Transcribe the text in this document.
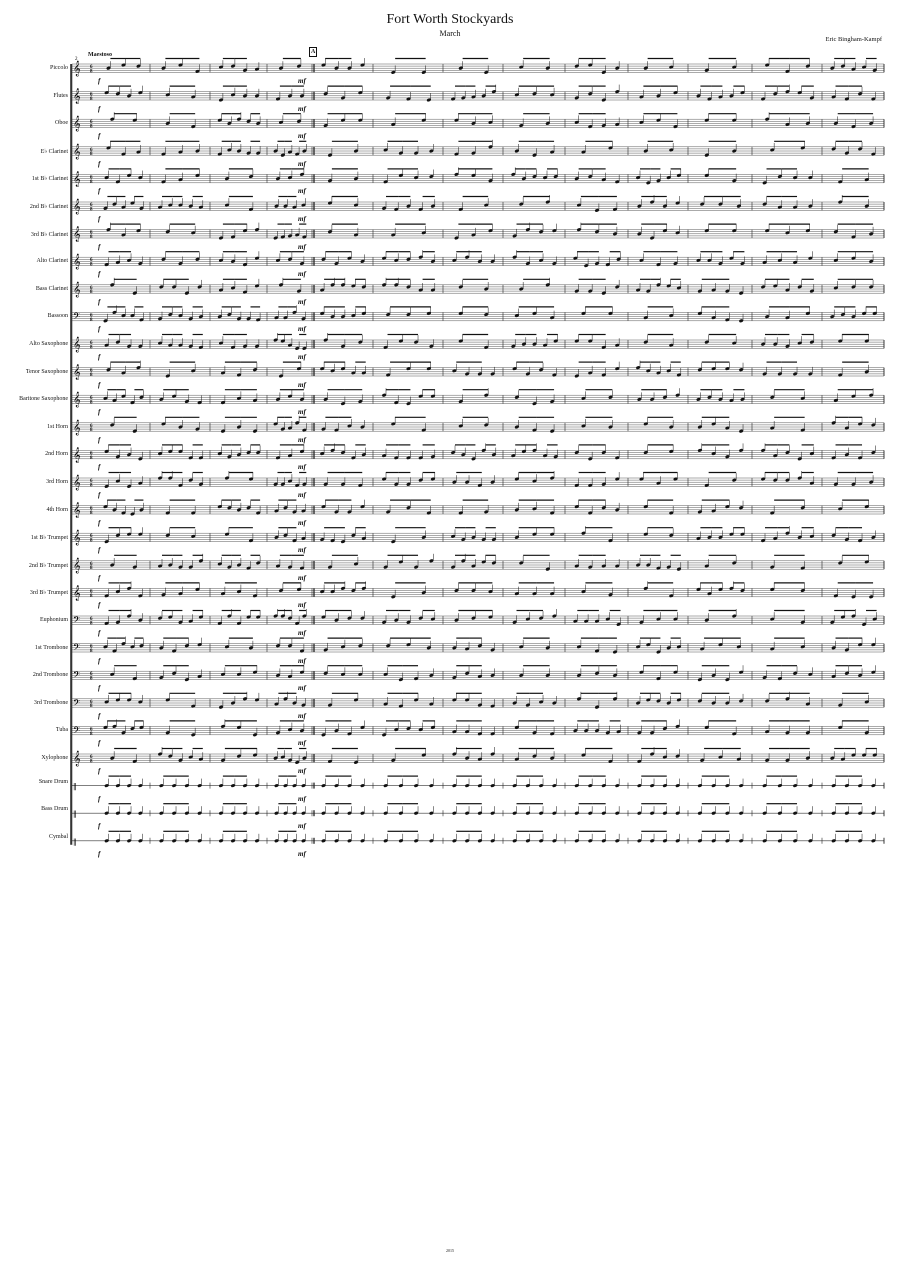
Fort Worth Stockyards
March
Eric Bingham-Kampf
Maestoso	A
Piccolo
Flutes
Oboe
E♭ Clarinet
1st B♭ Clarinet
2nd B♭ Clarinet
3rd B♭ Clarinet
Alto Clarinet
Bass Clarinet
Bassoon
Alto Saxophone
Tenor Saxophone
Baritone Saxophone
1st Horn
2nd Horn
3rd Horn
4th Horn
1st B♭ Trumpet
2nd B♭ Trumpet
3rd B♭ Trumpet
Euphonium
1st Trombone
2nd Trombone
3rd Trombone
Tuba
Xylophone
Snare Drum
Bass Drum
Cymbal
𝄞 6
8
𝄞 6
8
𝄞 6
8
𝄞 6
8
𝄞 6
8
𝄞 6
8
𝄞 6
8
𝄞 6
8
𝄞 6
8
𝄢 6
8
𝄞 6
8
𝄞 6
8
𝄞 6
8
𝄞 6
8
𝄞 6
8
𝄞 6
8
𝄞 6
8
𝄞 6
8
𝄞 6
8
𝄞 6
8
𝄢 6
8
𝄢 6
8
𝄢 6
8
𝄢 6
8
𝄢 6
8
𝄞 6
8
‖
‖
‖
2
2015
f	mf
f	mf
f	mf
f	mf
f	mf
f	mf
f	mf
f	mf
f	mf
f	mf
f	mf
f	mf
f	mf
f	mf
f	mf
f	mf
f	mf
f	mf
f	mf
f	mf
f	mf
f	mf
f	mf
f	mf
f	mf
f	mf
f	mf
f	mf
f	mf
